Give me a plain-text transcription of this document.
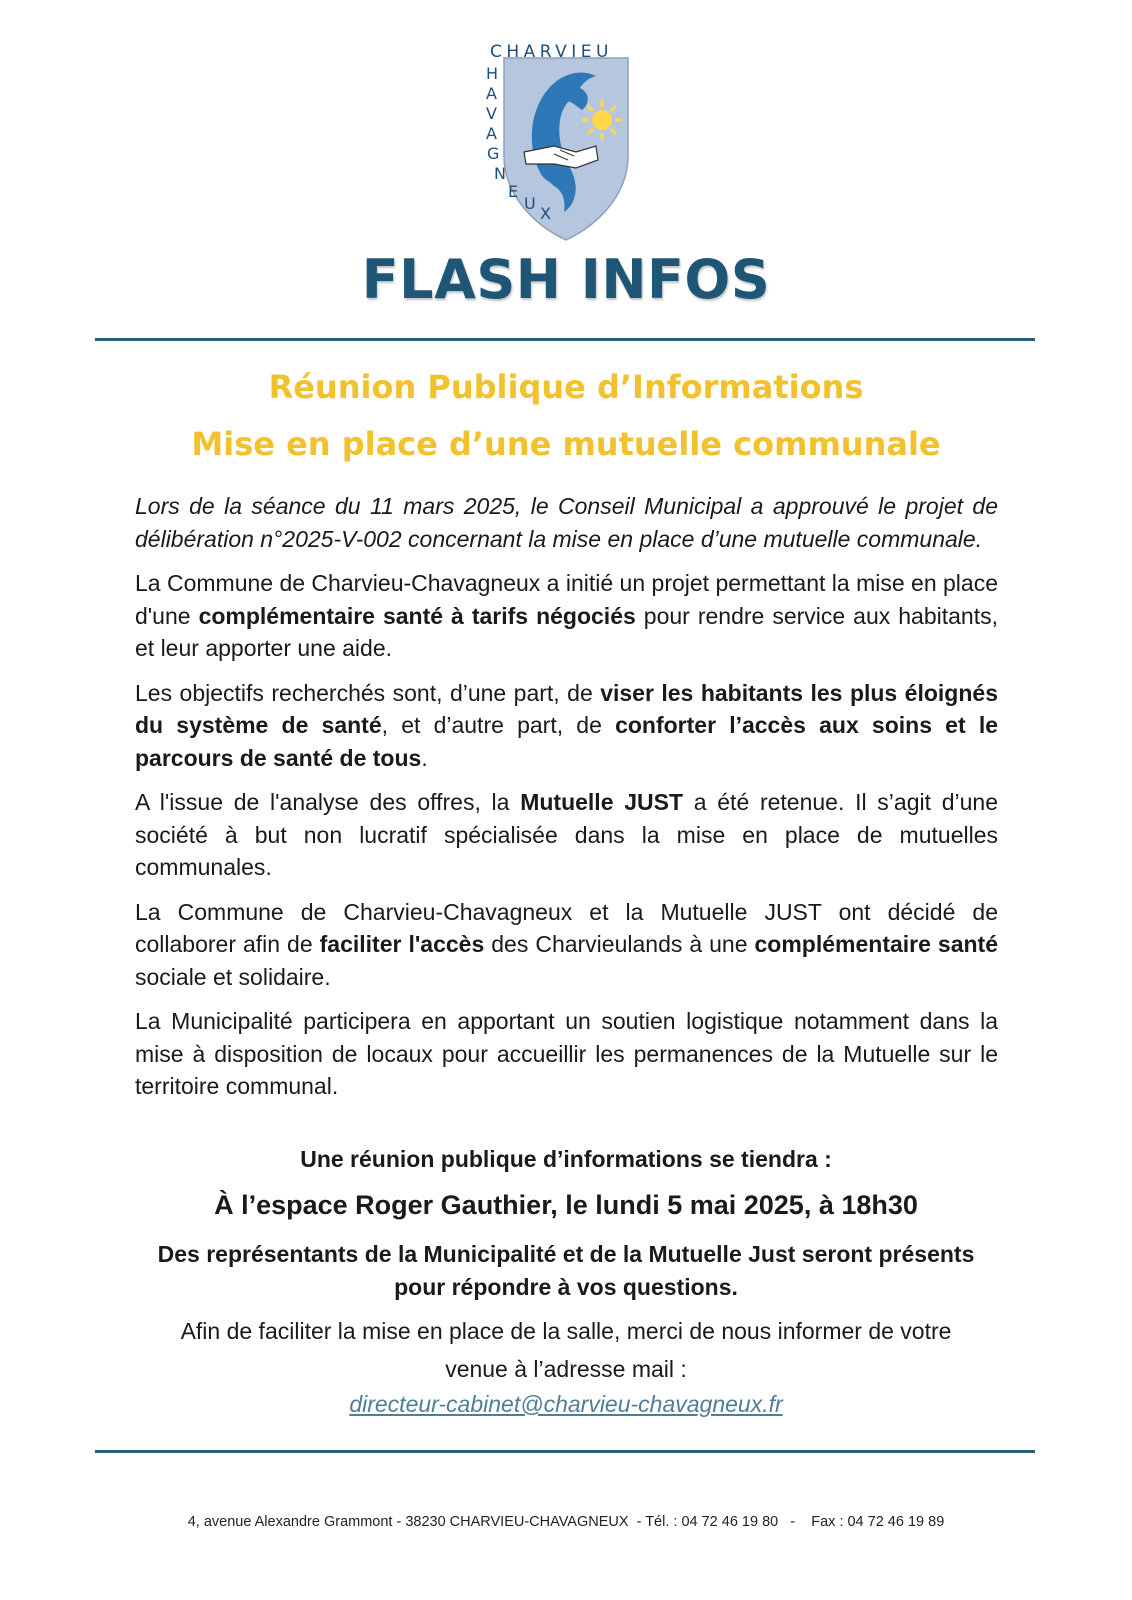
CHARVIEU
H
A
V
A
G
N
E
U
X
FLASH INFOS
Réunion Publique d’Informations
Mise en place d’une mutuelle communale

Lors de la séance du 11 mars 2025, le Conseil Municipal a approuvé le projet de délibération n°2025-V-002 concernant la mise en place d’une mutuelle communale.

La Commune de Charvieu-Chavagneux a initié un projet permettant la mise en place d'une complémentaire santé à tarifs négociés pour rendre service aux habitants, et leur apporter une aide.

Les objectifs recherchés sont, d’une part, de viser les habitants les plus éloignés du système de santé, et d’autre part, de conforter l’accès aux soins et le parcours de santé de tous.

A l'issue de l'analyse des offres, la Mutuelle JUST a été retenue. Il s’agit d’une société à but non lucratif spécialisée dans la mise en place de mutuelles communales.

La Commune de Charvieu-Chavagneux et la Mutuelle JUST ont décidé de collaborer afin de faciliter l'accès des Charvieulands à une complémentaire santé sociale et solidaire.

La Municipalité participera en apportant un soutien logistique notamment dans la mise à disposition de locaux pour accueillir les permanences de la Mutuelle sur le territoire communal.

Une réunion publique d’informations se tiendra :
À l’espace Roger Gauthier, le lundi 5 mai 2025, à 18h30
Des représentants de la Municipalité et de la Mutuelle Just seront présents
pour répondre à vos questions.
Afin de faciliter la mise en place de la salle, merci de nous informer de votre
venue à l’adresse mail :
directeur-cabinet@charvieu-chavagneux.fr
4, avenue Alexandre Grammont - 38230 CHARVIEU-CHAVAGNEUX  - Tél. : 04 72 46 19 80   -    Fax : 04 72 46 19 89
